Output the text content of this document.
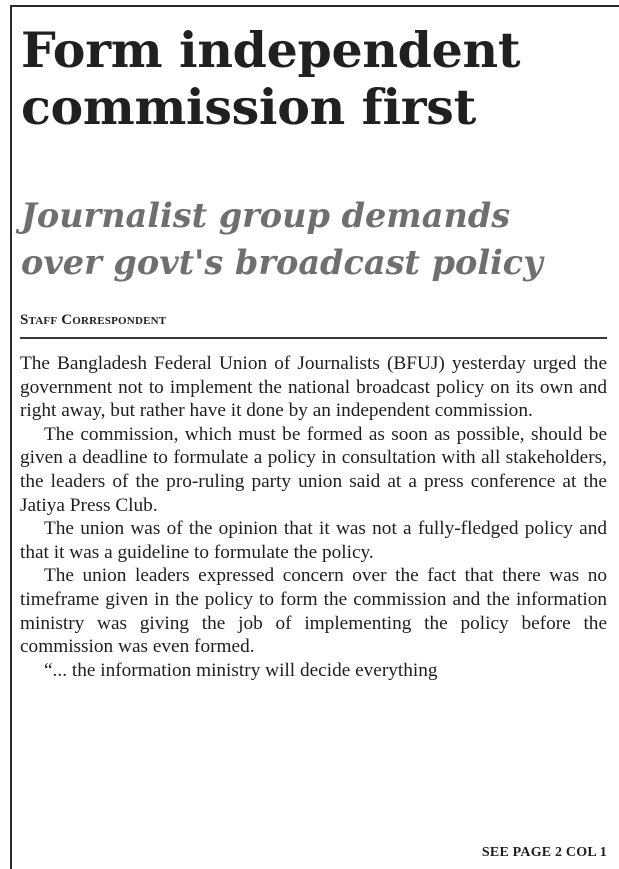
Form independent
commission first
Journalist group demands
over govt's broadcast policy
Staff Correspondent

The Bangladesh Federal Union of Journalists (BFUJ) yesterday urged the government not to implement the national broadcast policy on its own and right away, but rather have it done by an independent commission.

The commission, which must be formed as soon as possible, should be given a deadline to formulate a policy in consultation with all stakeholders, the leaders of the pro-ruling party union said at a press conference at the Jatiya Press Club.

The union was of the opinion that it was not a fully-fledged policy and that it was a guideline to formulate the policy.

The union leaders expressed concern over the fact that there was no timeframe given in the policy to form the commission and the information ministry was giving the job of implementing the policy before the commission was even formed.

“... the information ministry will decide everything

SEE PAGE 2 COL 1
